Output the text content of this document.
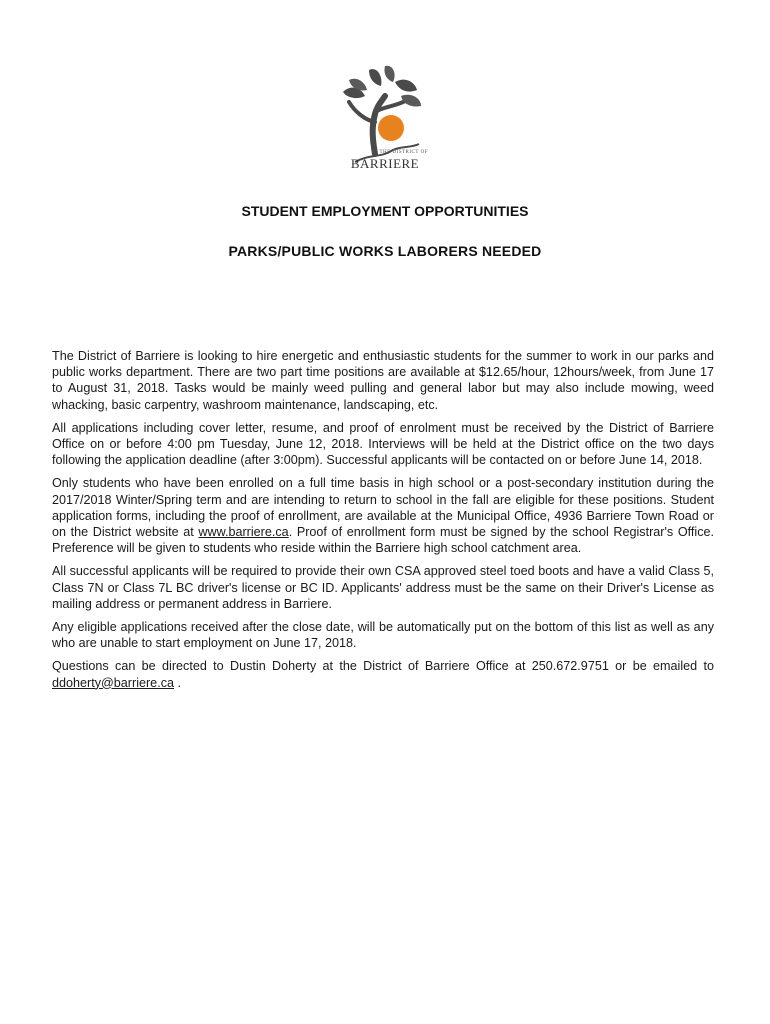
THE DISTRICT OF
BARRIERE
STUDENT EMPLOYMENT OPPORTUNITIES
PARKS/PUBLIC WORKS LABORERS NEEDED

The District of Barriere is looking to hire energetic and enthusiastic students for the summer to work in our parks and public works department. There are two part time positions are available at $12.65/hour, 12hours/week, from June 17 to August 31, 2018. Tasks would be mainly weed pulling and general labor but may also include mowing, weed whacking, basic carpentry, washroom maintenance, landscaping, etc.

All applications including cover letter, resume, and proof of enrolment must be received by the District of Barriere Office on or before 4:00 pm Tuesday, June 12, 2018. Interviews will be held at the District office on the two days following the application deadline (after 3:00pm). Successful applicants will be contacted on or before June 14, 2018.

Only students who have been enrolled on a full time basis in high school or a post-secondary institution during the 2017/2018 Winter/Spring term and are intending to return to school in the fall are eligible for these positions. Student application forms, including the proof of enrollment, are available at the Municipal Office, 4936 Barriere Town Road or on the District website at www.barriere.ca. Proof of enrollment form must be signed by the school Registrar's Office. Preference will be given to students who reside within the Barriere high school catchment area.

All successful applicants will be required to provide their own CSA approved steel toed boots and have a valid Class 5, Class 7N or Class 7L BC driver's license or BC ID. Applicants' address must be the same on their Driver's License as mailing address or permanent address in Barriere.

Any eligible applications received after the close date, will be automatically put on the bottom of this list as well as any who are unable to start employment on June 17, 2018.

Questions can be directed to Dustin Doherty at the District of Barriere Office at 250.672.9751 or be emailed to ddoherty@barriere.ca .
